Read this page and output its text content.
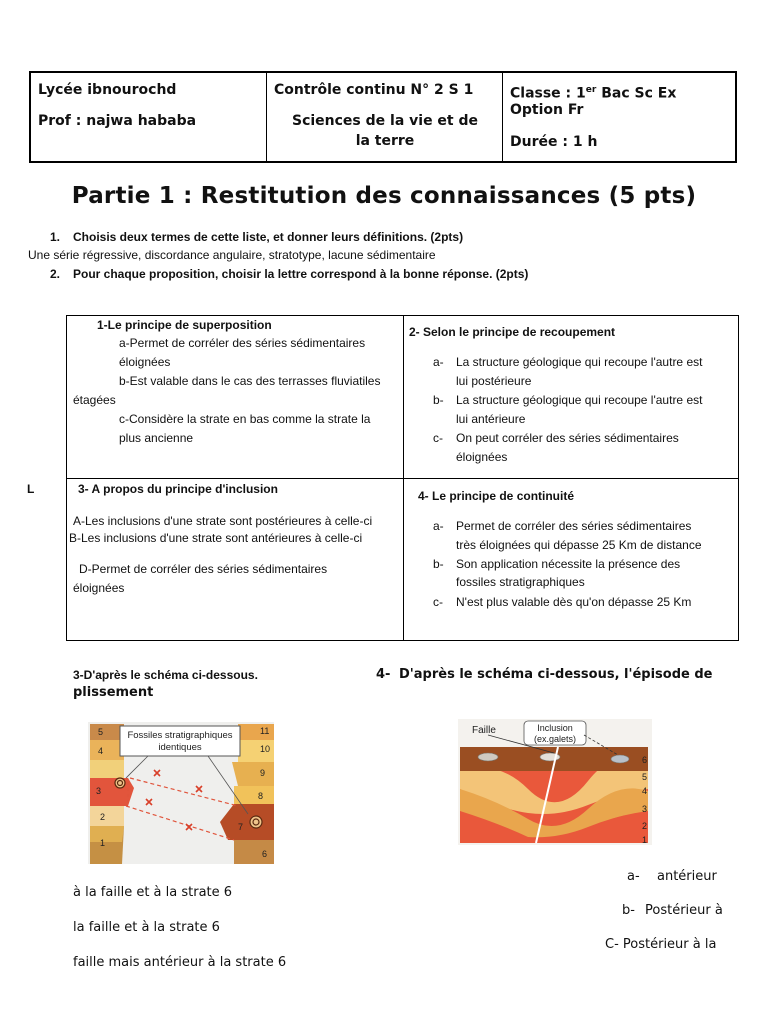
Lycée ibnourochd
Prof : najwa hababa
Contrôle continu N° 2 S 1
Sciences de la vie et de
la terre
Classe : 1er Bac Sc Ex
Option Fr
Durée : 1 h
Partie 1 : Restitution des connaissances (5 pts)
1. Choisis deux termes de cette liste, et donner leurs définitions. (2pts)
Une série régressive, discordance angulaire, stratotype, lacune sédimentaire
2. Pour chaque proposition, choisir la lettre correspond à la bonne réponse. (2pts)
L
1-Le principe de superposition
a-Permet de corréler des séries sédimentaires
éloignées
b-Est valable dans le cas des terrasses fluviatiles
étagées
c-Considère la strate en bas comme la strate la
plus ancienne
2- Selon le principe de recoupement
a- La structure géologique qui recoupe l'autre est
lui postérieure
b- La structure géologique qui recoupe l'autre est
lui antérieure
c- On peut corréler des séries sédimentaires
éloignées
3- A propos du principe d'inclusion
A-Les inclusions d'une strate sont postérieures à celle-ci
B-Les inclusions d'une strate sont antérieures à celle-ci
D-Permet de corréler des séries sédimentaires
éloignées
4- Le principe de continuité
a- Permet de corréler des séries sédimentaires
très éloignées qui dépasse 25 Km de distance
b- Son application nécessite la présence des
fossiles stratigraphiques
c- N'est plus valable dès qu'on dépasse 25 Km
3-D'après le schéma ci-dessous.
plissement
4- D'après le schéma ci-dessous, l'épisode de
Fossiles stratigraphiques
identiques
5
4
3
2
1
11
10
9
8
7
6
Faille	Inclusion
(ex.galets)
6
5
4
3
2
1
à la faille et à la strate 6
la faille et à la strate 6
faille mais antérieur à la strate 6
a- antérieur
b- Postérieur à
C- Postérieur à la
